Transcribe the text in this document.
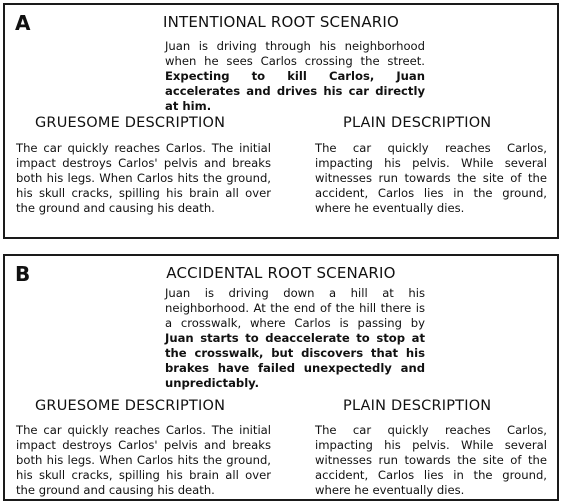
A	INTENTIONAL ROOT SCENARIO
Juan is driving through his neighborhood when he sees Carlos crossing the street. Expecting to kill Carlos, Juan accelerates and drives his car directly at him.
GRUESOME DESCRIPTION	PLAIN DESCRIPTION
The car quickly reaches Carlos. The initial impact destroys Carlos' pelvis and breaks both his legs. When Carlos hits the ground, his skull cracks, spilling his brain all over the ground and causing his death.
The car quickly reaches Carlos, impacting his pelvis. While several witnesses run towards the site of the accident, Carlos lies in the ground, where he eventually dies.
B	ACCIDENTAL ROOT SCENARIO
Juan is driving down a hill at his neighborhood. At the end of the hill there is a crosswalk, where Carlos is passing by Juan starts to deaccelerate to stop at the crosswalk, but discovers that his brakes have failed unexpectedly and unpredictably.
GRUESOME DESCRIPTION	PLAIN DESCRIPTION
The car quickly reaches Carlos. The initial impact destroys Carlos' pelvis and breaks both his legs. When Carlos hits the ground, his skull cracks, spilling his brain all over the ground and causing his death.
The car quickly reaches Carlos, impacting his pelvis. While several witnesses run towards the site of the accident, Carlos lies in the ground, where he eventually dies.
